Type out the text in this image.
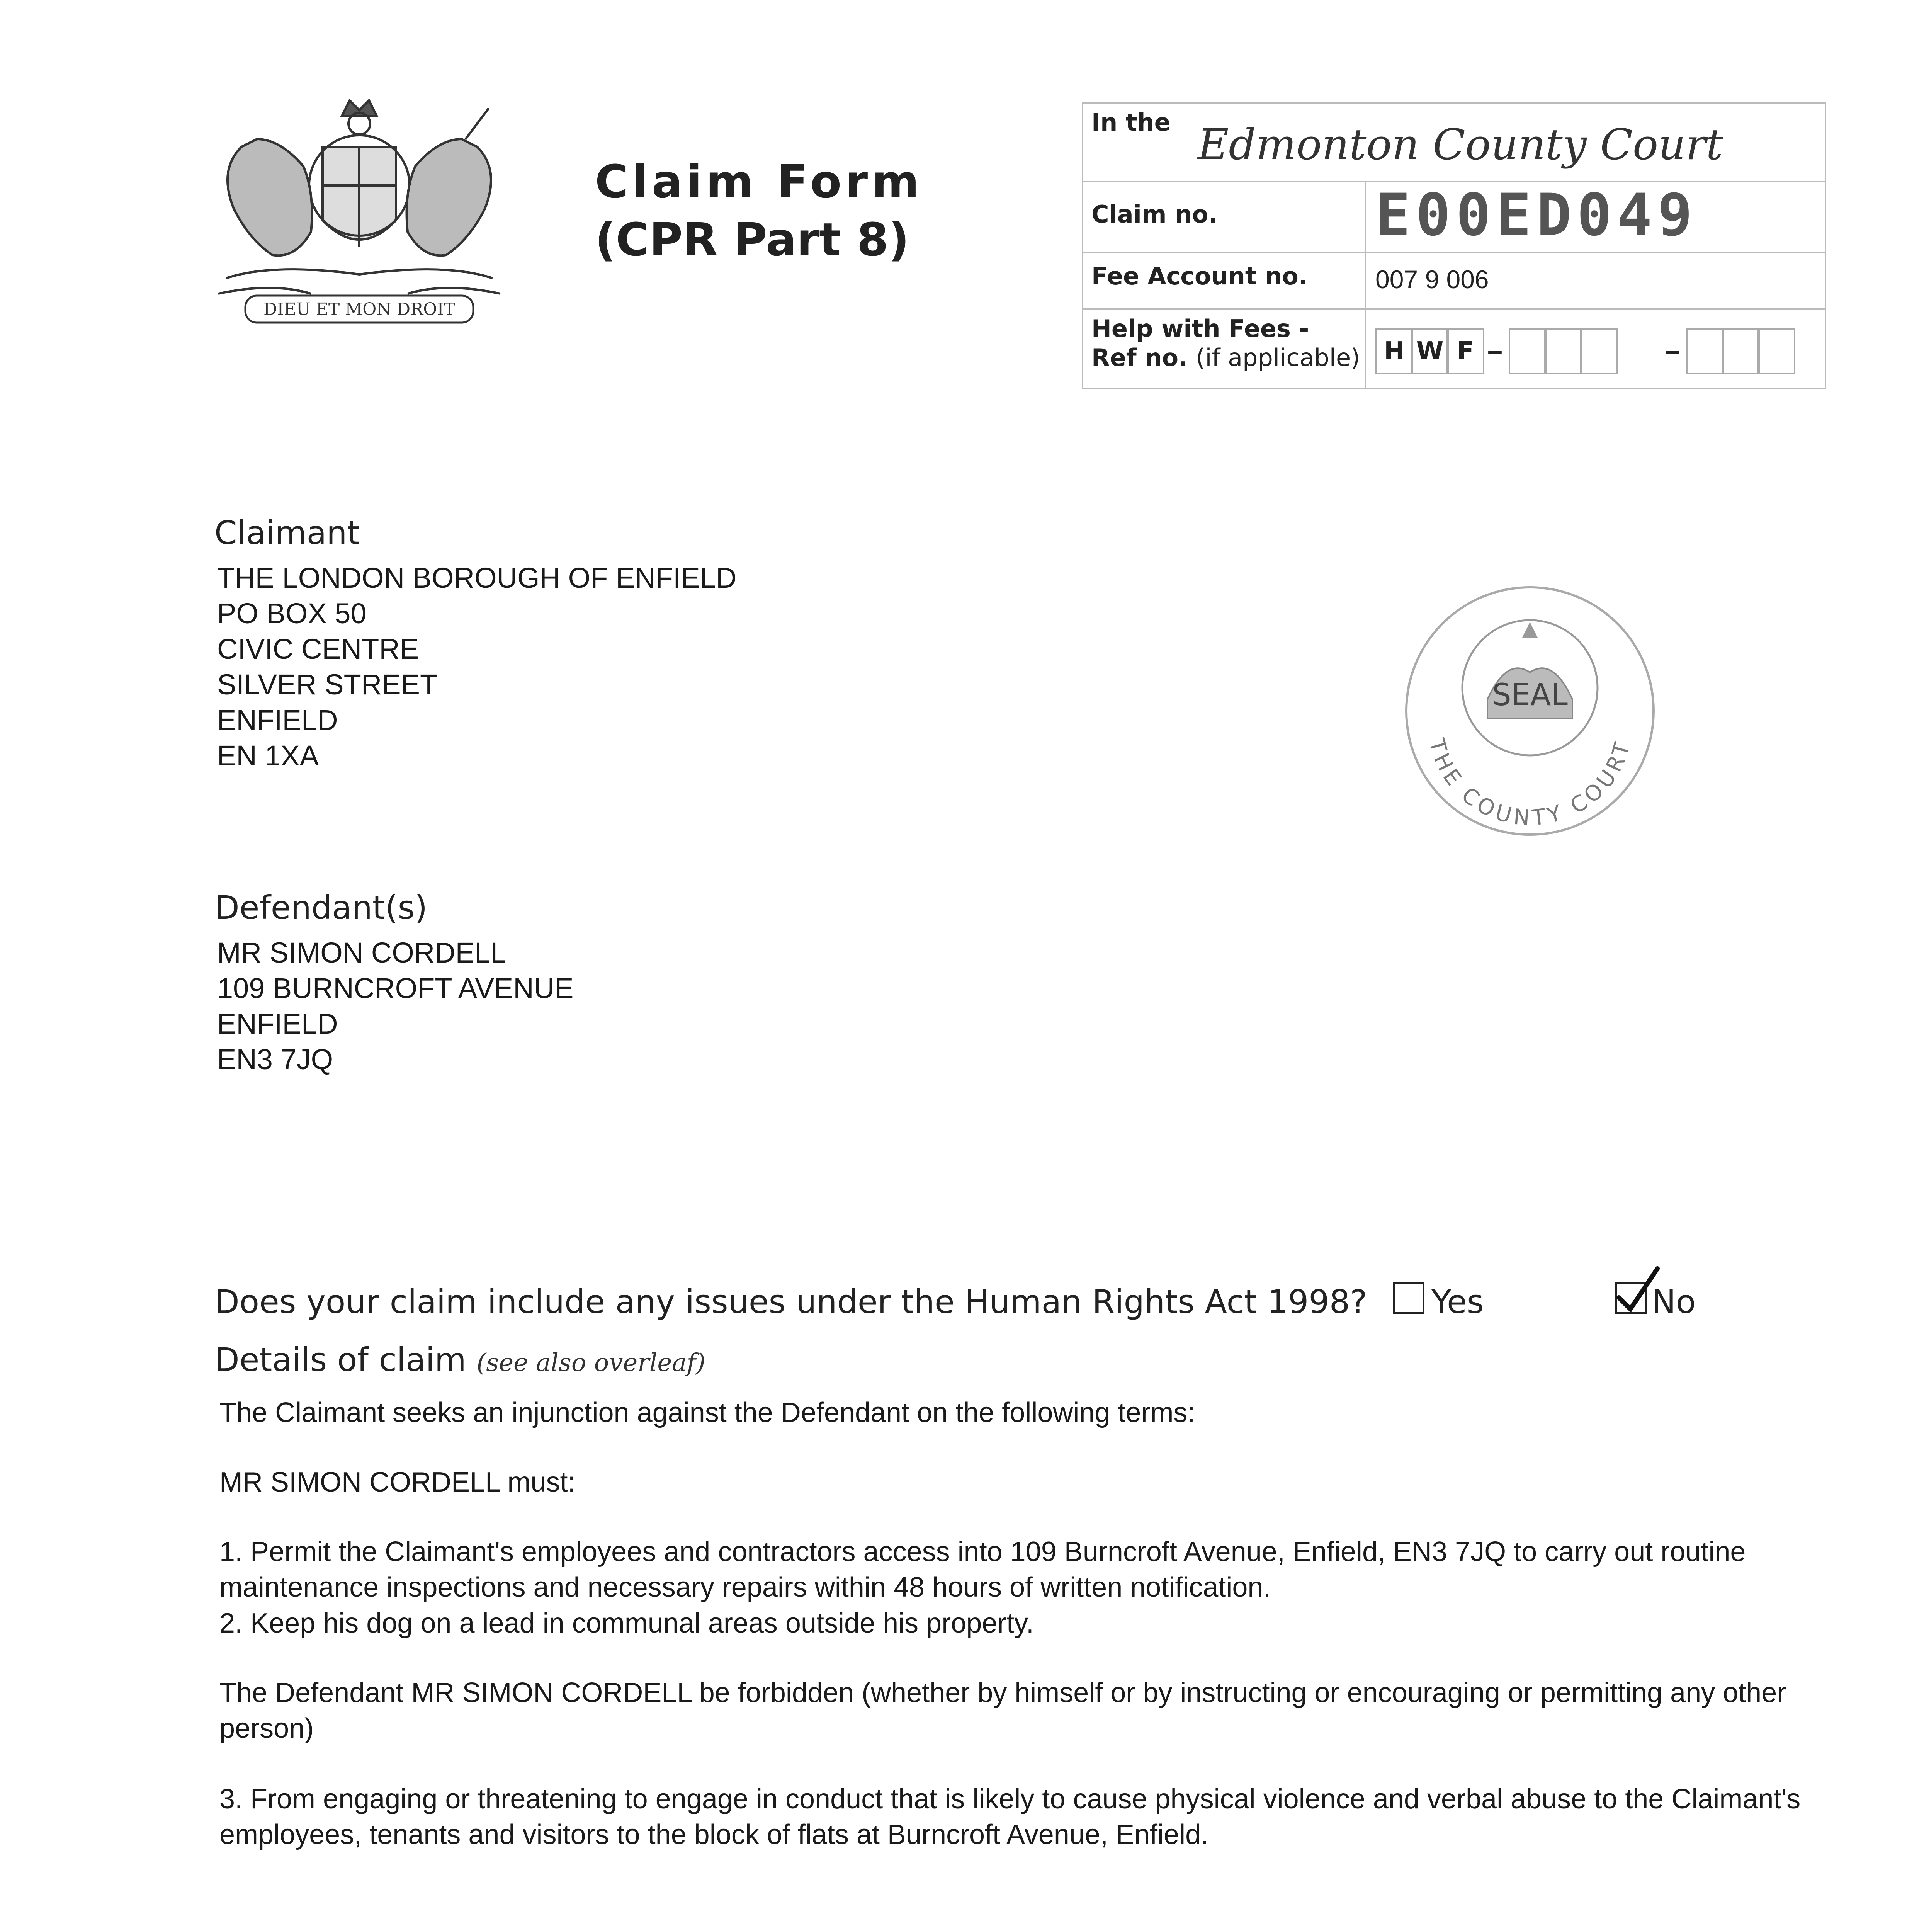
DIEU ET MON DROIT
Claim Form
(CPR Part 8)
In the
Claim no.
Fee Account no.
Help with Fees -
Ref no. (if applicable)
Edmonton County Court
E00ED049
007 9 006
H W F –	–
Claimant
THE LONDON BOROUGH OF ENFIELD
PO BOX 50
CIVIC CENTRE
SILVER STREET
ENFIELD
EN 1XA
SEAL
THE COUNTY COURT
Defendant(s)
MR SIMON CORDELL
109 BURNCROFT AVENUE
ENFIELD
EN3 7JQ
Does your claim include any issues under the Human Rights Act 1998? Yes	No
Details of claim (see also overleaf)
The Claimant seeks an injunction against the Defendant on the following terms:
MR SIMON CORDELL must:
1. Permit the Claimant's employees and contractors access into 109 Burncroft Avenue, Enfield, EN3 7JQ to carry out routine maintenance inspections and necessary repairs within 48 hours of written notification.
2. Keep his dog on a lead in communal areas outside his property.
The Defendant MR SIMON CORDELL be forbidden (whether by himself or by instructing or encouraging or permitting any other person)
3. From engaging or threatening to engage in conduct that is likely to cause physical violence and verbal abuse to the Claimant's employees, tenants and visitors to the block of flats at Burncroft Avenue, Enfield.
